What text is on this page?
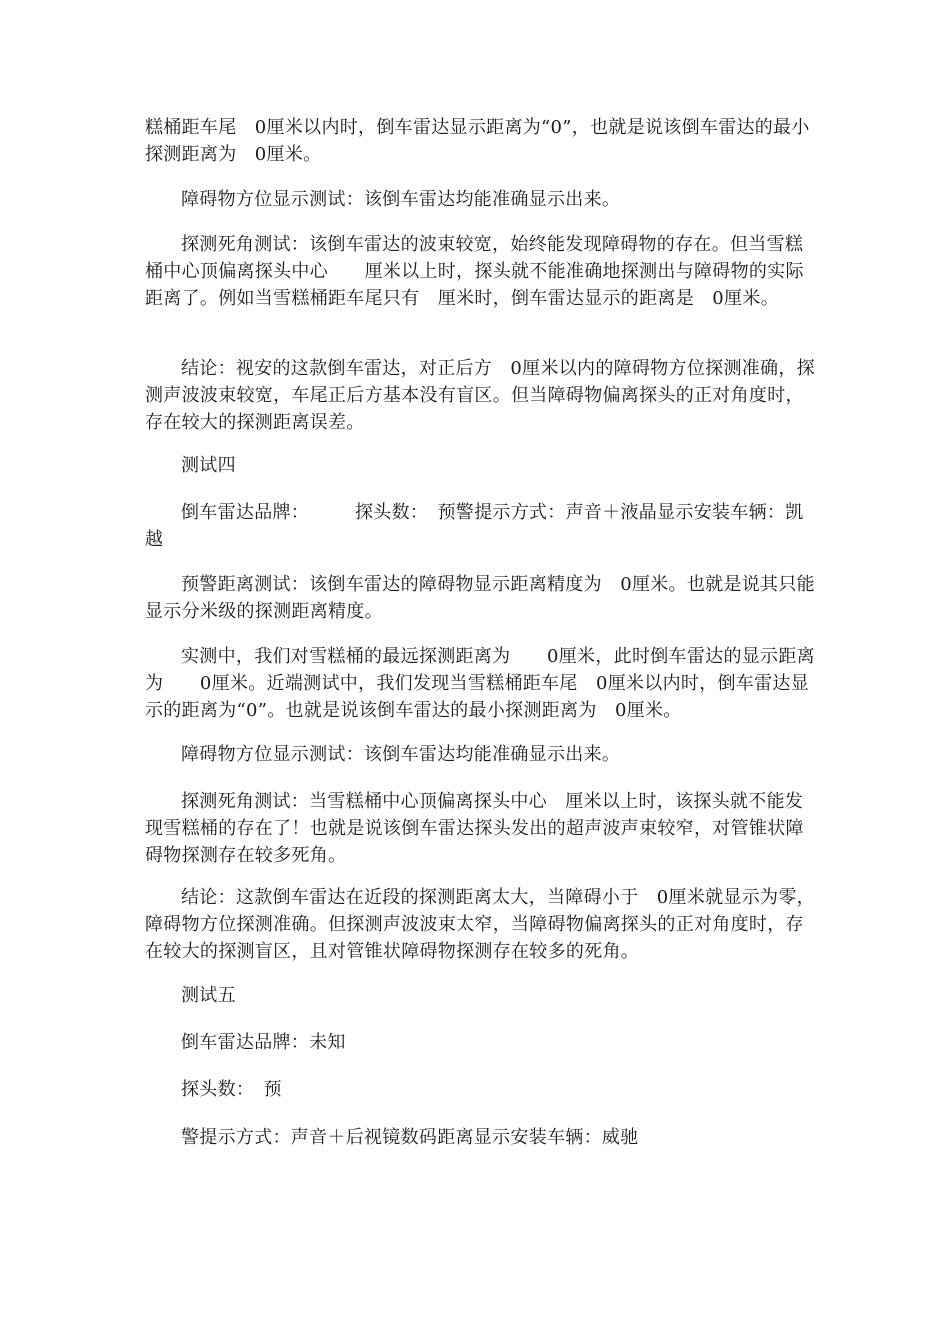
糕桶距车尾　0厘米以内时，倒车雷达显示距离为“0”，也就是说该倒车雷达的最小探测距离为　0厘米。

障碍物方位显示测试：该倒车雷达均能准确显示出来。

探测死角测试：该倒车雷达的波束较宽，始终能发现障碍物的存在。但当雪糕桶中心顶偏离探头中心　　厘米以上时，探头就不能准确地探测出与障碍物的实际距离了。例如当雪糕桶距车尾只有　厘米时，倒车雷达显示的距离是　0厘米。

结论：视安的这款倒车雷达，对正后方　0厘米以内的障碍物方位探测准确，探测声波波束较宽，车尾正后方基本没有盲区。但当障碍物偏离探头的正对角度时，存在较大的探测距离误差。

测试四

倒车雷达品牌：　　　探头数：　预警提示方式：声音＋液晶显示安装车辆：凯越

预警距离测试：该倒车雷达的障碍物显示距离精度为　0厘米。也就是说其只能显示分米级的探测距离精度。

实测中，我们对雪糕桶的最远探测距离为　　0厘米，此时倒车雷达的显示距离为　　0厘米。近端测试中，我们发现当雪糕桶距车尾　0厘米以内时，倒车雷达显示的距离为“0”。也就是说该倒车雷达的最小探测距离为　0厘米。

障碍物方位显示测试：该倒车雷达均能准确显示出来。

探测死角测试：当雪糕桶中心顶偏离探头中心　厘米以上时，该探头就不能发现雪糕桶的存在了！也就是说该倒车雷达探头发出的超声波声束较窄，对管锥状障碍物探测存在较多死角。

结论：这款倒车雷达在近段的探测距离太大，当障碍小于　0厘米就显示为零，障碍物方位探测准确。但探测声波波束太窄，当障碍物偏离探头的正对角度时，存在较大的探测盲区，且对管锥状障碍物探测存在较多的死角。

测试五

倒车雷达品牌：未知

探头数：　预

警提示方式：声音＋后视镜数码距离显示安装车辆：威驰
